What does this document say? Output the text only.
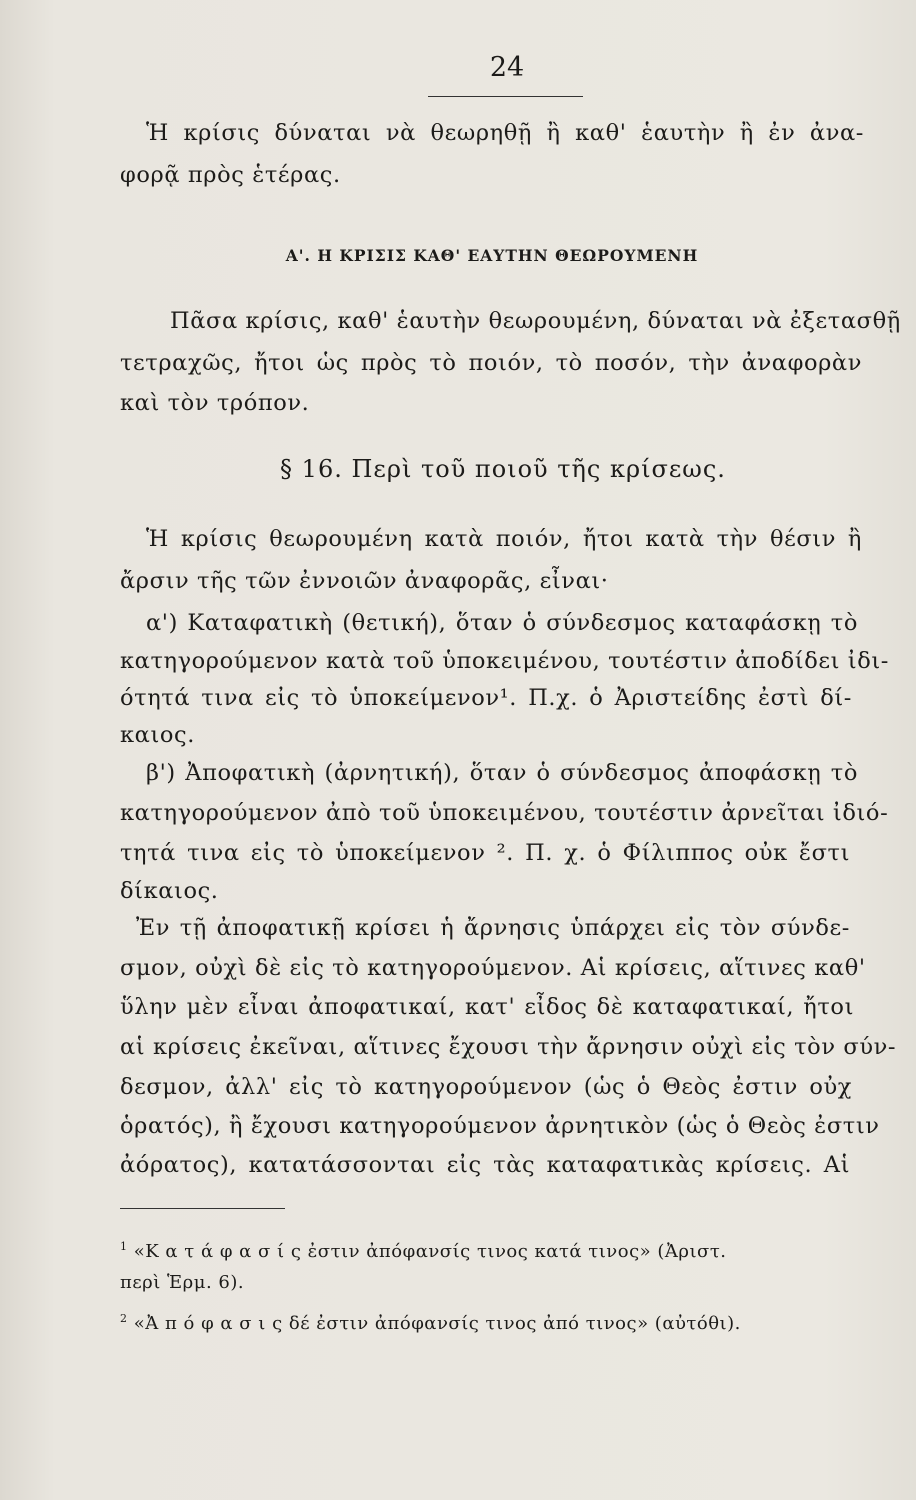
24

Ἡ κρίσις δύναται νὰ θεωρηθῇ ἢ καθ' ἑαυτὴν ἢ ἐν ἀνα-

φορᾷ πρὸς ἑτέρας.

Α'. Η ΚΡΙΣΙΣ ΚΑΘ' ΕΑΥΤΗΝ ΘΕΩΡΟΥΜΕΝΗ

Πᾶσα κρίσις, καθ' ἑαυτὴν θεωρουμένη, δύναται νὰ ἐξετασθῇ

τετραχῶς, ἤτοι ὡς πρὸς τὸ ποιόν, τὸ ποσόν, τὴν ἀναφορὰν

καὶ τὸν τρόπον.

§ 16. Περὶ τοῦ ποιοῦ τῆς κρίσεως.

Ἡ κρίσις θεωρουμένη κατὰ ποιόν, ἤτοι κατὰ τὴν θέσιν ἢ

ἄρσιν τῆς τῶν ἐννοιῶν ἀναφορᾶς, εἶναι·

α') Καταφατικὴ (θετική), ὅταν ὁ σύνδεσμος καταφάσκῃ τὸ

κατηγορούμενον κατὰ τοῦ ὑποκειμένου, τουτέστιν ἀποδίδει ἰδι-

ότητά τινα εἰς τὸ ὑποκείμενον¹. Π.χ. ὁ Ἀριστείδης ἐστὶ δί-

καιος.

β') Ἀποφατικὴ (ἀρνητική), ὅταν ὁ σύνδεσμος ἀποφάσκῃ τὸ

κατηγορούμενον ἀπὸ τοῦ ὑποκειμένου, τουτέστιν ἀρνεῖται ἰδιό-

τητά τινα εἰς τὸ ὑποκείμενον ². Π. χ. ὁ Φίλιππος οὐκ ἔστι

δίκαιος.

Ἐν τῇ ἀποφατικῇ κρίσει ἡ ἄρνησις ὑπάρχει εἰς τὸν σύνδε-

σμον, οὐχὶ δὲ εἰς τὸ κατηγορούμενον. Αἱ κρίσεις, αἵτινες καθ'

ὕλην μὲν εἶναι ἀποφατικαί, κατ' εἶδος δὲ καταφατικαί, ἤτοι

αἱ κρίσεις ἐκεῖναι, αἵτινες ἔχουσι τὴν ἄρνησιν οὐχὶ εἰς τὸν σύν-

δεσμον, ἀλλ' εἰς τὸ κατηγορούμενον (ὡς ὁ Θεὸς ἐστιν οὐχ

ὁρατός), ἢ ἔχουσι κατηγορούμενον ἀρνητικὸν (ὡς ὁ Θεὸς ἐστιν

ἀόρατος), κατατάσσονται εἰς τὰς καταφατικὰς κρίσεις. Αἱ

$^1$ «Κ α τ ά φ α σ ί ς ἐστιν ἀπόφανσίς τινος κατά τινος» (Ἀριστ.
περὶ Ἑρμ. 6).
$^2$ «Ἀ π ό φ α σ ι ς δέ ἐστιν ἀπόφανσίς τινος ἀπό τινος» (αὐτόθι).
